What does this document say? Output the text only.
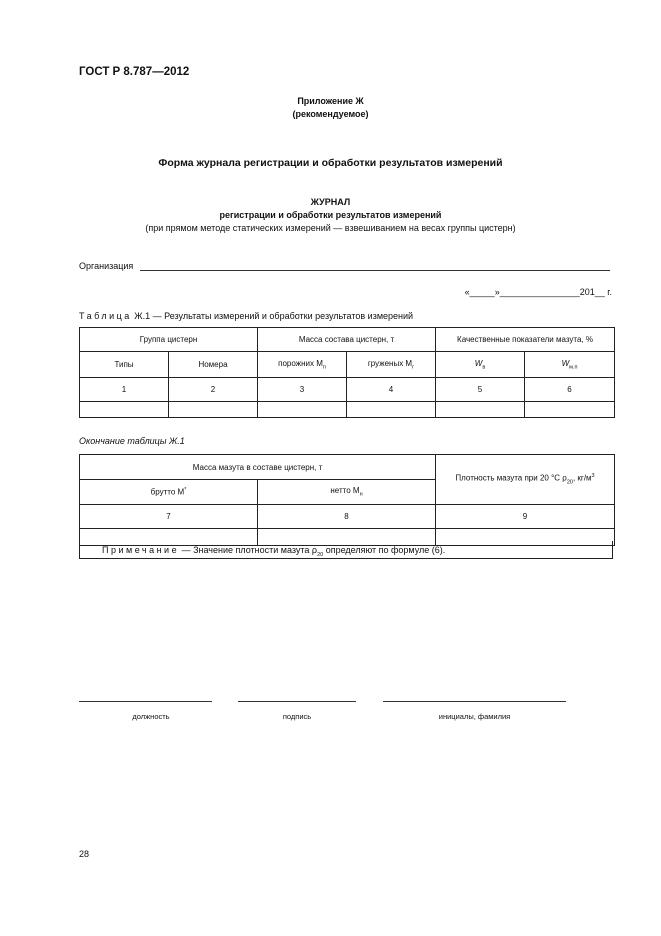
ГОСТ Р 8.787—2012
Приложение Ж
(рекомендуемое)
Форма журнала регистрации и обработки результатов измерений
ЖУРНАЛ
регистрации и обработки результатов измерений
(при прямом методе статических измерений — взвешиванием на весах группы цистерн)
Организация
«_____»________________201__ г.
Таблица Ж.1 — Результаты измерений и обработки результатов измерений
Группа цистерн		Масса состава цистерн, т		Качественные показатели мазута, %	
Типы	Номера	порожних $M_п$	груженых $M_г$	$W_в$	$W_{м.п}$
1	2	3	4	5	6

Окончание таблицы Ж.1
Масса мазута в составе цистерн, т		Плотность мазута при 20 °С $\rho_{20}$, $кг/м^3$
брутто M*	нетто $M_н$
7	8	9

Примечание — Значение плотности мазута $\rho_{20}$ определяют по формуле (6).
должность	подпись	инициалы, фамилия
28
